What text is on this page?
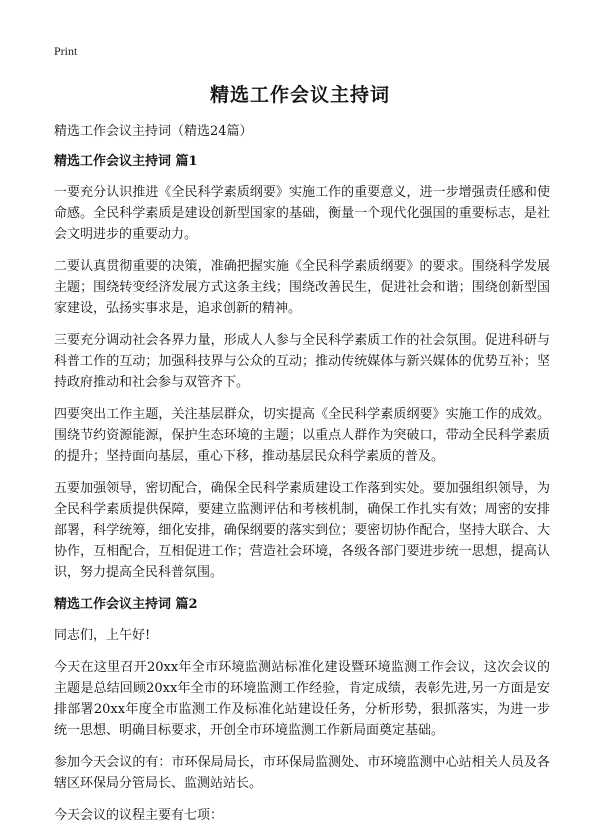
Print
精选工作会议主持词
精选工作会议主持词（精选24篇）
精选工作会议主持词 篇1

一要充分认识推进《全民科学素质纲要》实施工作的重要意义，进一步增强责任感和使命感。全民科学素质是建设创新型国家的基础，衡量一个现代化强国的重要标志，是社会文明进步的重要动力。

二要认真贯彻重要的决策，准确把握实施《全民科学素质纲要》的要求。围绕科学发展主题；围绕转变经济发展方式这条主线；围绕改善民生，促进社会和谐；围绕创新型国家建设，弘扬实事求是，追求创新的精神。

三要充分调动社会各界力量，形成人人参与全民科学素质工作的社会氛围。促进科研与科普工作的互动；加强科技界与公众的互动；推动传统媒体与新兴媒体的优势互补；坚持政府推动和社会参与双管齐下。

四要突出工作主题，关注基层群众，切实提高《全民科学素质纲要》实施工作的成效。围绕节约资源能源，保护生态环境的主题；以重点人群作为突破口，带动全民科学素质的提升；坚持面向基层，重心下移，推动基层民众科学素质的普及。

五要加强领导，密切配合，确保全民科学素质建设工作落到实处。要加强组织领导，为全民科学素质提供保障，要建立监测评估和考核机制，确保工作扎实有效；周密的安排部署，科学统筹，细化安排，确保纲要的落实到位；要密切协作配合，坚持大联合、大协作，互相配合，互相促进工作；营造社会环境，各级各部门要进步统一思想，提高认识，努力提高全民科普氛围。

精选工作会议主持词 篇2

同志们，上午好!

今天在这里召开20xx年全市环境监测站标准化建设暨环境监测工作会议，这次会议的主题是总结回顾20xx年全市的环境监测工作经验，肯定成绩，表彰先进,另一方面是安排部署20xx年度全市监测工作及标准化站建设任务，分析形势，狠抓落实，为进一步统一思想、明确目标要求，开创全市环境监测工作新局面奠定基础。

参加今天会议的有：市环保局局长，市环保局监测处、市环境监测中心站相关人员及各辖区环保局分管局长、监测站站长。

今天会议的议程主要有七项：
